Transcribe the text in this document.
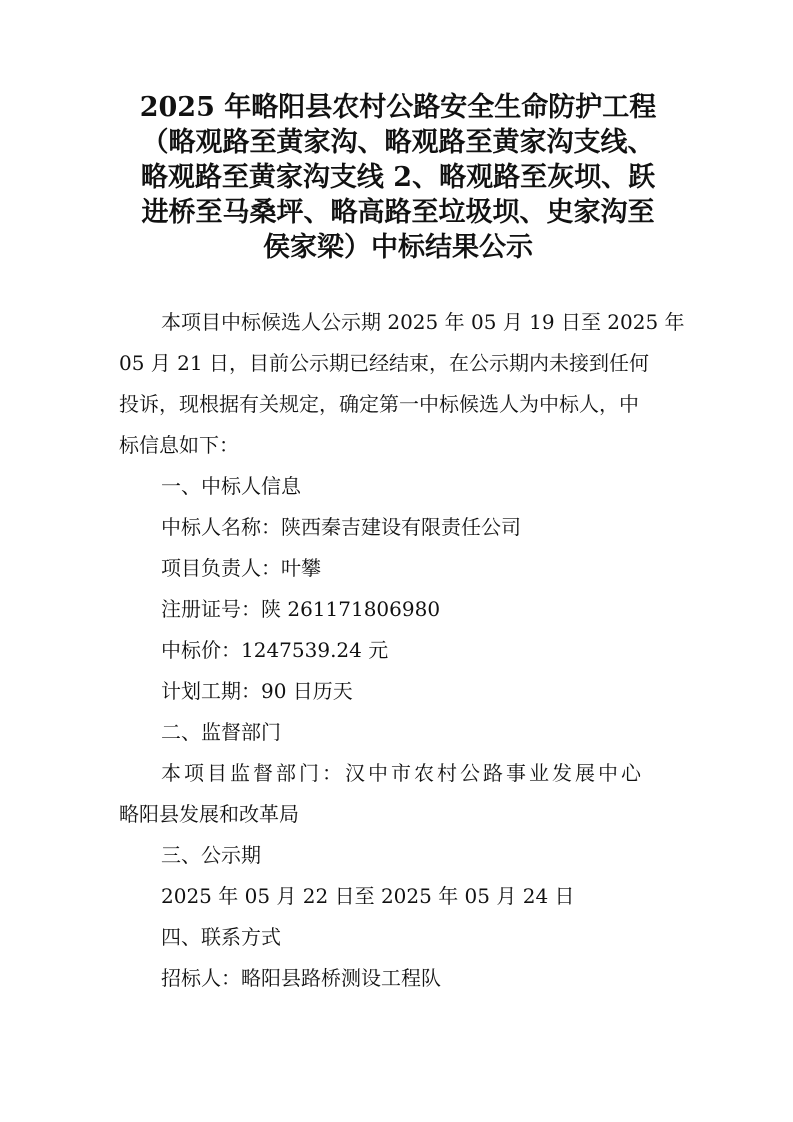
2025 年略阳县农村公路安全生命防护工程
（略观路至黄家沟、略观路至黄家沟支线、
略观路至黄家沟支线 2、略观路至灰坝、跃
进桥至马桑坪、略高路至垃圾坝、史家沟至
侯家梁）中标结果公示
本项目中标候选人公示期 2025 年 05 月 19 日至 2025 年
05 月 21 日，目前公示期已经结束，在公示期内未接到任何
投诉，现根据有关规定，确定第一中标候选人为中标人，中
标信息如下：
一、中标人信息
中标人名称：陕西秦吉建设有限责任公司
项目负责人：叶攀
注册证号：陕 261171806980
中标价：1247539.24 元
计划工期：90 日历天
二、监督部门
本项目监督部门：汉中市农村公路事业发展中心
略阳县发展和改革局
三、公示期
2025 年 05 月 22 日至 2025 年 05 月 24 日
四、联系方式
招标人：略阳县路桥测设工程队
